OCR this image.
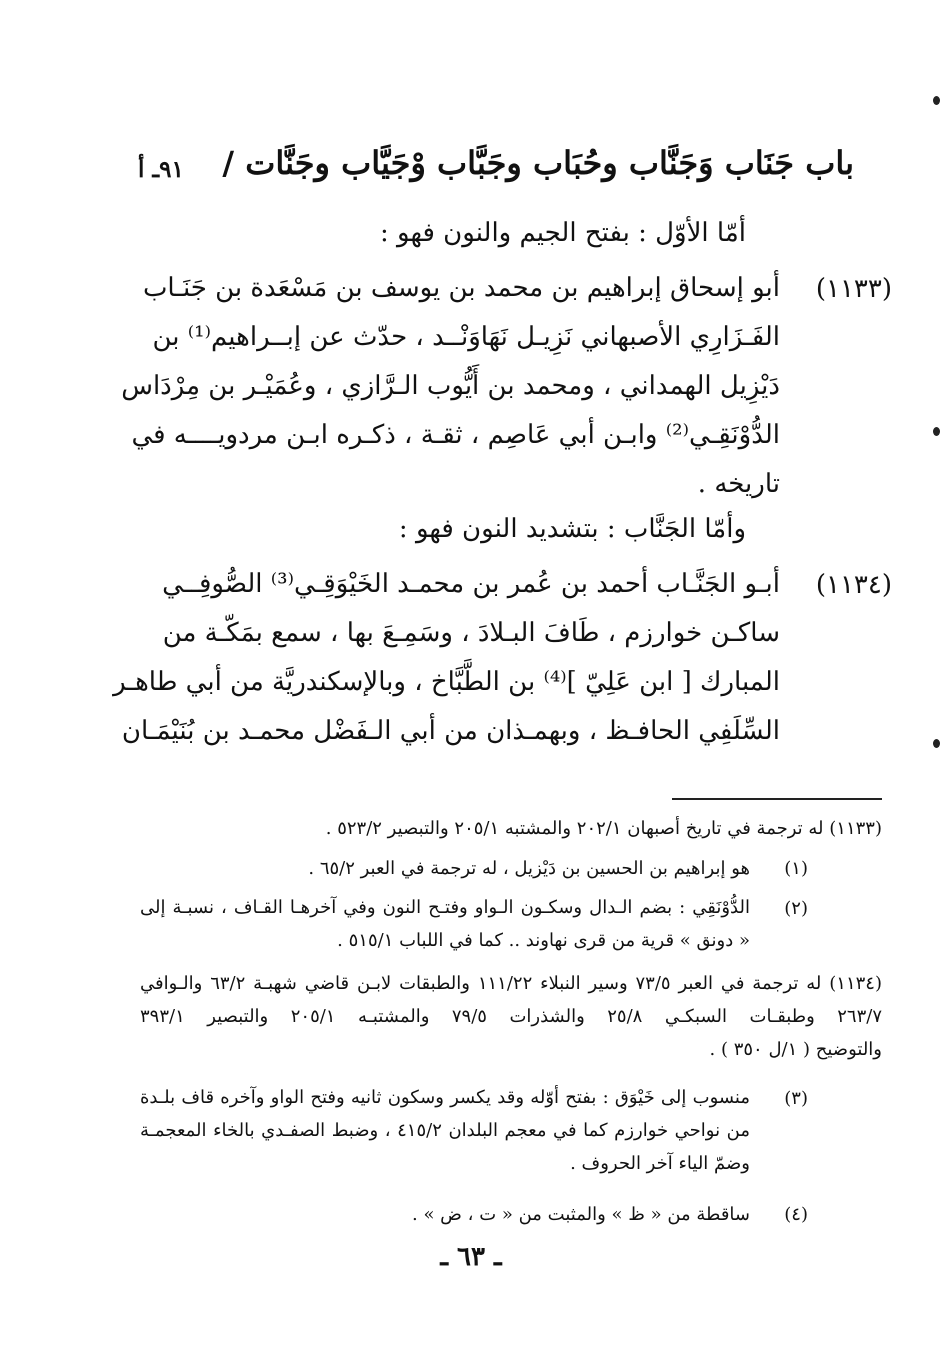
باب جَنَاب وَجَنَّاب وحُبَاب وجَبَّاب وْجَيَّاب وجَنَّات /
٩١ـ أ
أمّا الأوّل : بفتح الجيم والنون فهو :
(١١٣٣)
أبو إسحاق إبراهيم بن محمد بن يوسف بن مَسْعَدة بن جَنَـاب
الفَـزَارِي الأصبهاني نَزِيـل نَهَاوَنْــد ، حدّث عن إبــراهيم⁽¹⁾ بن
دَيْزِيل الهمداني ، ومحمد بن أَيُّوب الـرَّازي ، وعُمَيْـر بن مِرْدَاس
الدُّوْنَقِـي⁽²⁾ وابـن أبي عَاصِم ، ثقـة ، ذكـره ابـن مردويــــه في
تاريخه .
وأمّا الجَنَّاب : بتشديد النون فهو :
(١١٣٤)
أبـو الجَنَّـاب أحمد بن عُمر بن محمـد الخَيْوَقِـي⁽³⁾ الصُّوفِــي
ساكـن خوارزم ، طَافَ البـلادَ ، وسَمِـعَ بها ، سمع بمَكّـة من
المبارك [ ابن عَلِيّ ]⁽⁴⁾ بن الطَّبَّاخ ، وبالإسكندريَّة من أبي طاهـر
السِّلَفِي الحافـظ ، وبهمـذان من أبي الـفَضْل محمـد بن بُنَيْمَـان
(١١٣٣) له ترجمة في تاريخ أصبهان ٢٠٢/١ والمشتبه ٢٠٥/١ والتبصير ٥٢٣/٢ .
(١)
هو إبراهيم بن الحسين بن دَيْزيل ، له ترجمة في العبر ٦٥/٢ .
(٢)
الدُّوْنَقِي : بضم الـدال وسكـون الـواو وفتـح النون وفي آخرهـا القـاف ، نسبـة إلى
« دونق » قرية من قرى نهاوند .. كما في اللباب ٥١٥/١ .
(١١٣٤) له ترجمة في العبر ٧٣/٥ وسير النبلاء ١١١/٢٢ والطبقات لابـن قاضي شهبـة ٦٣/٢ والـوافي
٢٦٣/٧ وطبقـات السبكـي ٢٥/٨ والشذرات ٧٩/٥ والمشتبـه ٢٠٥/١ والتبصير ٣٩٣/١
والتوضيح ( ١/ل ٣٥٠ ) .
(٣)
منسوب إلى خَيْوَق : بفتح أوّله وقد يكسر وسكون ثانيه وفتح الواو وآخره قاف بلـدة
من نواحي خوارزم كما في معجم البلدان ٤١٥/٢ ، وضبط الصفـدي بالخاء المعجمـة
وضمّ الياء آخر الحروف .
(٤)
ساقطة من « ظ » والمثبت من « ت ، ض » .
ـ ٦٣ ـ
